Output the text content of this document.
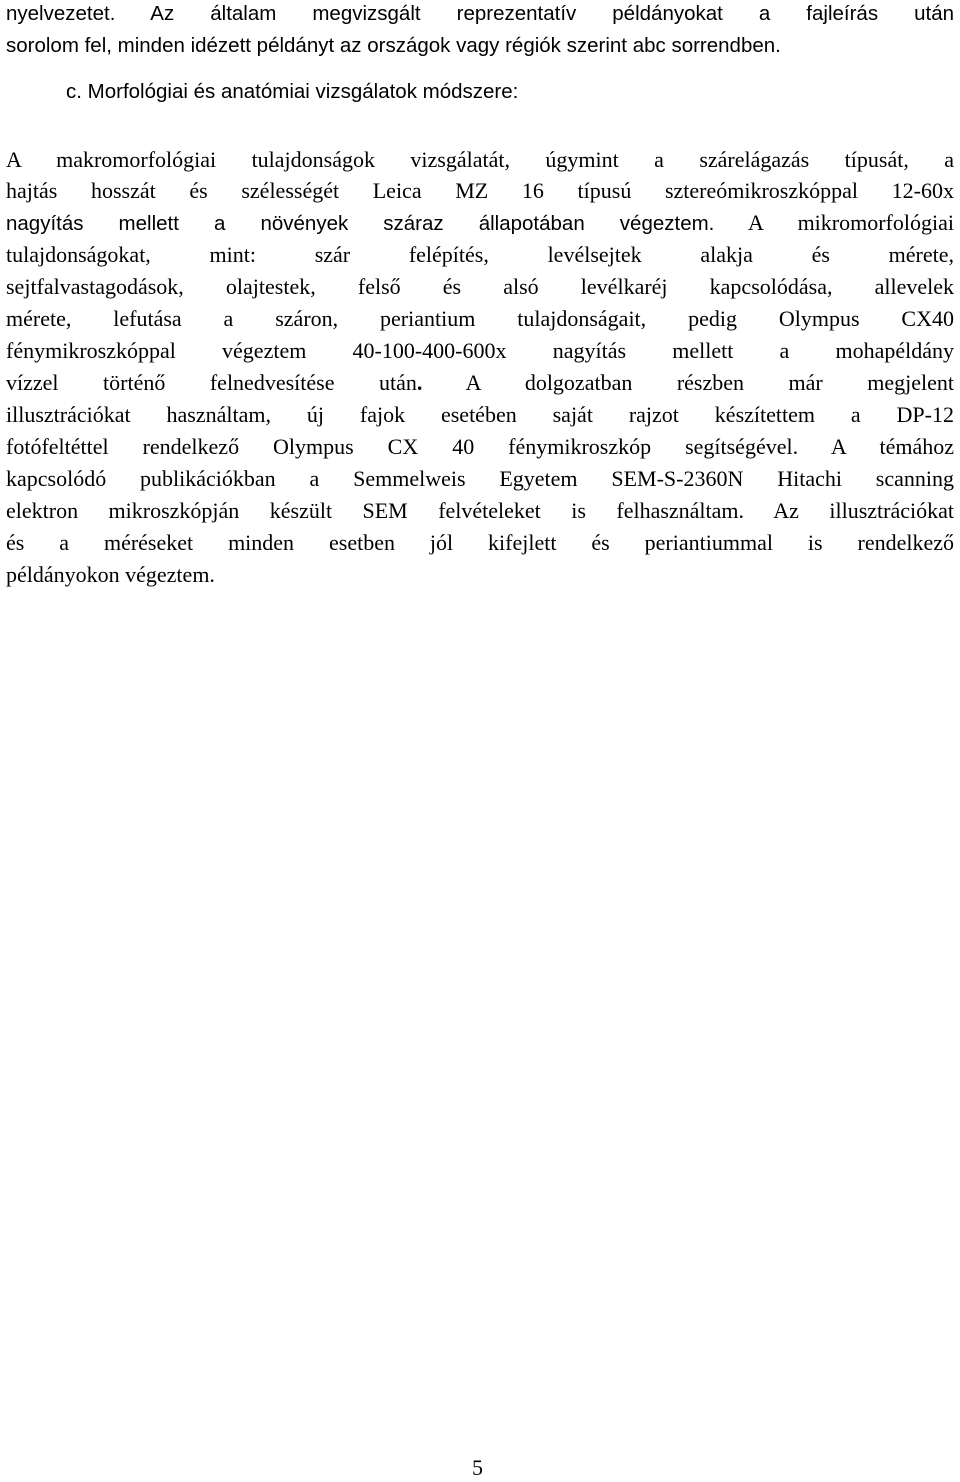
nyelvezetet. Az általam megvizsgált reprezentatív példányokat a fajleírás után
sorolom fel, minden idézett példányt az országok vagy régiók szerint abc sorrendben.
c. Morfológiai és anatómiai vizsgálatok módszere:
A makromorfológiai tulajdonságok vizsgálatát, úgymint a szárelágazás típusát, a
hajtás hosszát és szélességét Leica MZ 16 típusú sztereómikroszkóppal 12-60x
nagyítás mellett a növények száraz állapotában végeztem. A mikromorfológiai
tulajdonságokat, mint: szár felépítés, levélsejtek alakja és mérete,
sejtfalvastagodások, olajtestek, felső és alsó levélkaréj kapcsolódása, allevelek
mérete, lefutása a száron, periantium tulajdonságait, pedig Olympus CX40
fénymikroszkóppal végeztem 40-100-400-600x nagyítás mellett a mohapéldány
vízzel történő felnedvesítése után. A dolgozatban részben már megjelent
illusztrációkat használtam, új fajok esetében saját rajzot készítettem a DP-12
fotófeltéttel rendelkező Olympus CX 40 fénymikroszkóp segítségével. A témához
kapcsolódó publikációkban a Semmelweis Egyetem SEM-S-2360N Hitachi scanning
elektron mikroszkópján készült SEM felvételeket is felhasználtam. Az illusztrációkat
és a méréseket minden esetben jól kifejlett és periantiummal is rendelkező
példányokon végeztem.
5
